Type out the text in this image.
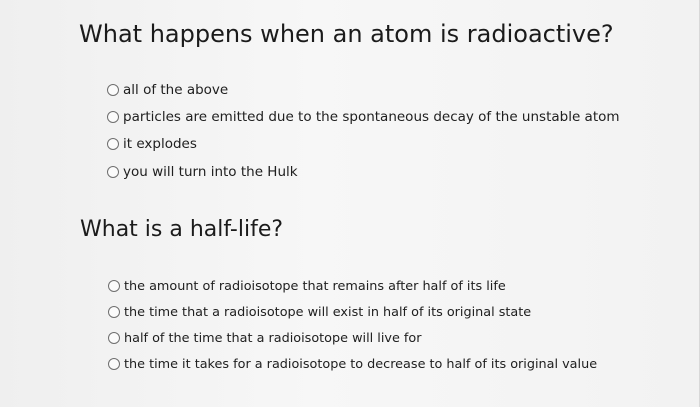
What happens when an atom is radioactive?
all of the above
particles are emitted due to the spontaneous decay of the unstable atom
it explodes
you will turn into the Hulk
What is a half-life?
the amount of radioisotope that remains after half of its life
the time that a radioisotope will exist in half of its original state
half of the time that a radioisotope will live for
the time it takes for a radioisotope to decrease to half of its original value
